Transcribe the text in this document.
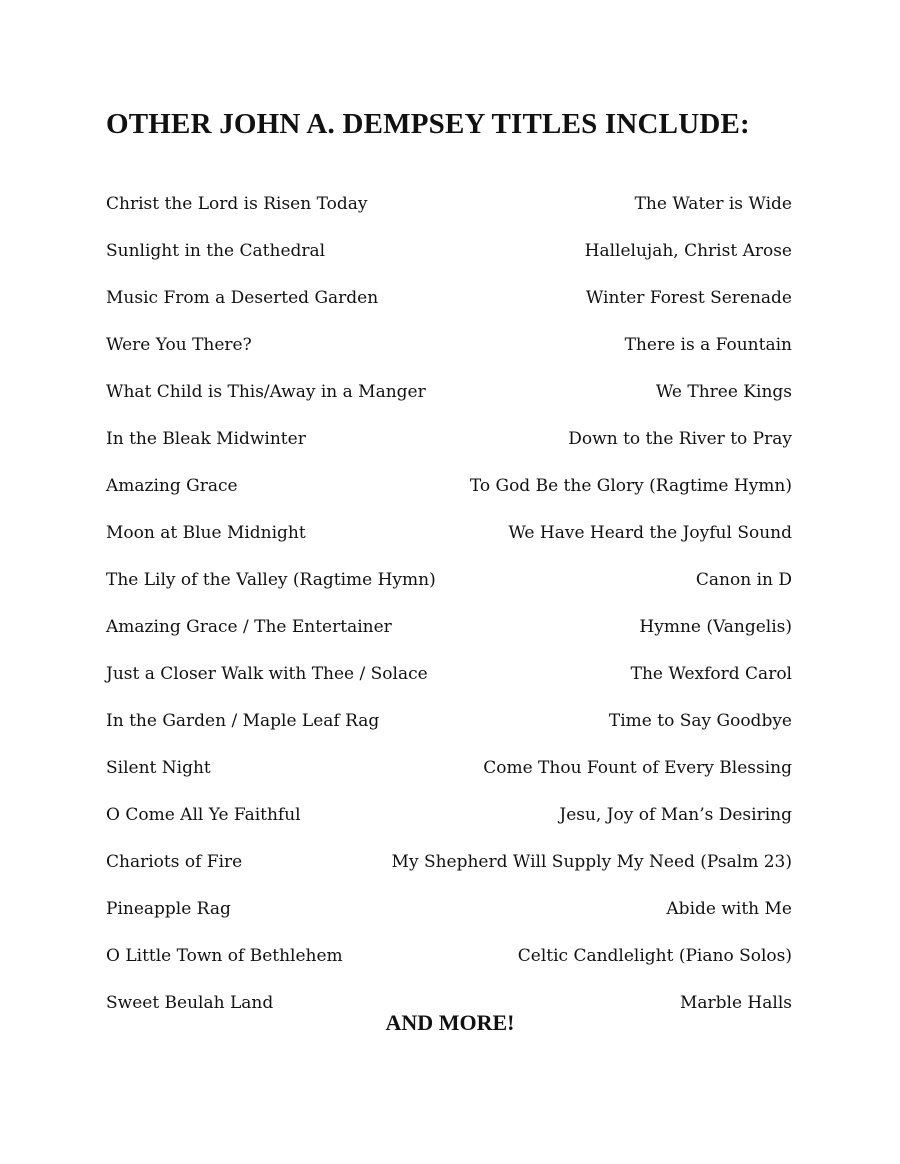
OTHER JOHN A. DEMPSEY TITLES INCLUDE:
Christ the Lord is Risen Today	The Water is Wide
Sunlight in the Cathedral	Hallelujah, Christ Arose
Music From a Deserted Garden	Winter Forest Serenade
Were You There?	There is a Fountain
What Child is This/Away in a Manger	We Three Kings
In the Bleak Midwinter	Down to the River to Pray
Amazing Grace	To God Be the Glory (Ragtime Hymn)
Moon at Blue Midnight	We Have Heard the Joyful Sound
The Lily of the Valley (Ragtime Hymn)	Canon in D
Amazing Grace / The Entertainer	Hymne (Vangelis)
Just a Closer Walk with Thee / Solace	The Wexford Carol
In the Garden / Maple Leaf Rag	Time to Say Goodbye
Silent Night	Come Thou Fount of Every Blessing
O Come All Ye Faithful	Jesu, Joy of Man’s Desiring
Chariots of Fire	My Shepherd Will Supply My Need (Psalm 23)
Pineapple Rag	Abide with Me
O Little Town of Bethlehem	Celtic Candlelight (Piano Solos)
Sweet Beulah Land	Marble Halls
AND MORE!
